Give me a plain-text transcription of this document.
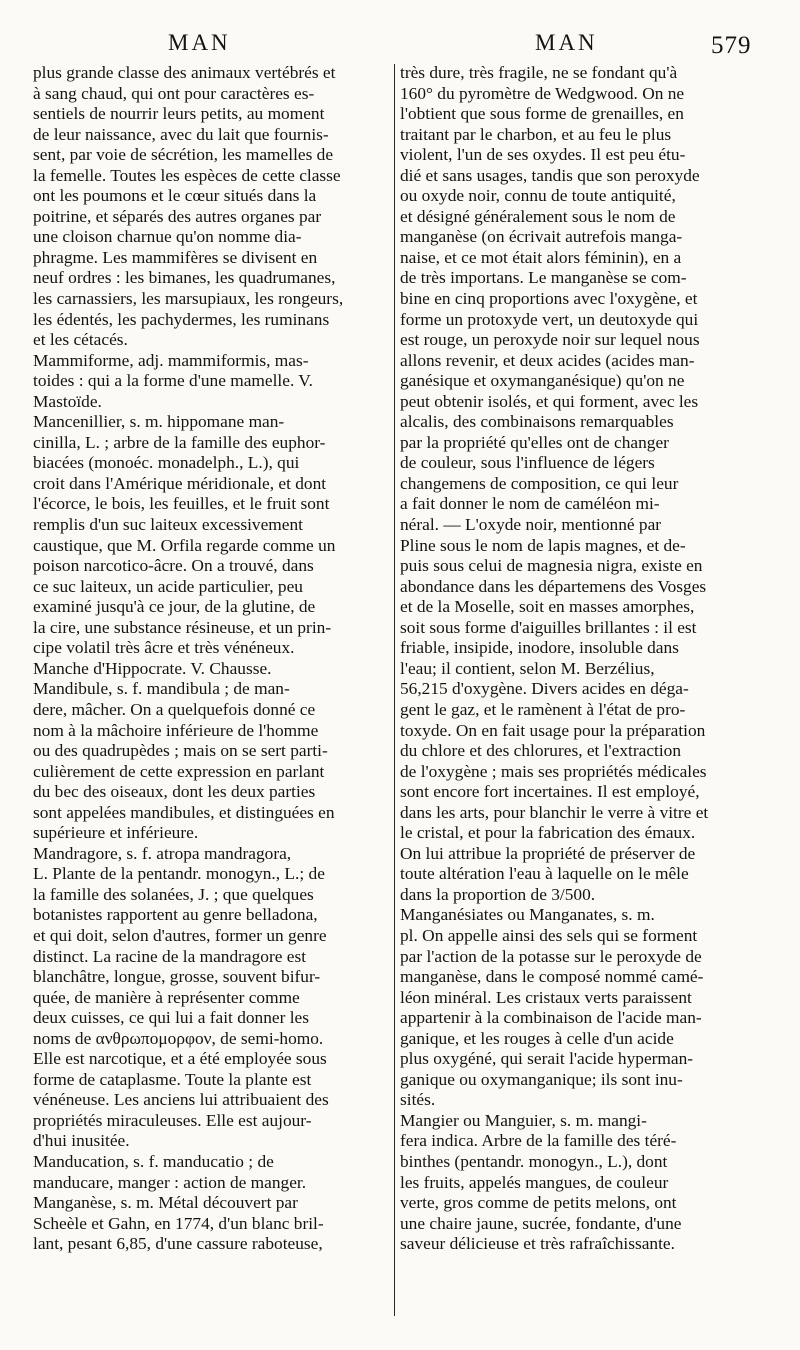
MAN	MAN	579
plus grande classe des animaux vertébrés et
à sang chaud, qui ont pour caractères es-
sentiels de nourrir leurs petits, au moment
de leur naissance, avec du lait que fournis-
sent, par voie de sécrétion, les mamelles de
la femelle. Toutes les espèces de cette classe
ont les poumons et le cœur situés dans la
poitrine, et séparés des autres organes par
une cloison charnue qu'on nomme dia-
phragme. Les mammifères se divisent en
neuf ordres : les bimanes, les quadrumanes,
les carnassiers, les marsupiaux, les rongeurs,
les édentés, les pachydermes, les ruminans
et les cétacés.
Mammiforme, adj. mammiformis, mas-
toides : qui a la forme d'une mamelle. V.
Mastoïde.
Mancenillier, s. m. hippomane man-
cinilla, L. ; arbre de la famille des euphor-
biacées (monoéc. monadelph., L.), qui
croit dans l'Amérique méridionale, et dont
l'écorce, le bois, les feuilles, et le fruit sont
remplis d'un suc laiteux excessivement
caustique, que M. Orfila regarde comme un
poison narcotico-âcre. On a trouvé, dans
ce suc laiteux, un acide particulier, peu
examiné jusqu'à ce jour, de la glutine, de
la cire, une substance résineuse, et un prin-
cipe volatil très âcre et très vénéneux.
Manche d'Hippocrate. V. Chausse.
Mandibule, s. f. mandibula ; de man-
dere, mâcher. On a quelquefois donné ce
nom à la mâchoire inférieure de l'homme
ou des quadrupèdes ; mais on se sert parti-
culièrement de cette expression en parlant
du bec des oiseaux, dont les deux parties
sont appelées mandibules, et distinguées en
supérieure et inférieure.
Mandragore, s. f. atropa mandragora,
L. Plante de la pentandr. monogyn., L.; de
la famille des solanées, J. ; que quelques
botanistes rapportent au genre belladona,
et qui doit, selon d'autres, former un genre
distinct. La racine de la mandragore est
blanchâtre, longue, grosse, souvent bifur-
quée, de manière à représenter comme
deux cuisses, ce qui lui a fait donner les
noms de ανθρωπομορφον, de semi-homo.
Elle est narcotique, et a été employée sous
forme de cataplasme. Toute la plante est
vénéneuse. Les anciens lui attribuaient des
propriétés miraculeuses. Elle est aujour-
d'hui inusitée.
Manducation, s. f. manducatio ; de
manducare, manger : action de manger.
Manganèse, s. m. Métal découvert par
Scheèle et Gahn, en 1774, d'un blanc bril-
lant, pesant 6,85, d'une cassure raboteuse,
très dure, très fragile, ne se fondant qu'à
160° du pyromètre de Wedgwood. On ne
l'obtient que sous forme de grenailles, en
traitant par le charbon, et au feu le plus
violent, l'un de ses oxydes. Il est peu étu-
dié et sans usages, tandis que son peroxyde
ou oxyde noir, connu de toute antiquité,
et désigné généralement sous le nom de
manganèse (on écrivait autrefois manga-
naise, et ce mot était alors féminin), en a
de très importans. Le manganèse se com-
bine en cinq proportions avec l'oxygène, et
forme un protoxyde vert, un deutoxyde qui
est rouge, un peroxyde noir sur lequel nous
allons revenir, et deux acides (acides man-
ganésique et oxymanganésique) qu'on ne
peut obtenir isolés, et qui forment, avec les
alcalis, des combinaisons remarquables
par la propriété qu'elles ont de changer
de couleur, sous l'influence de légers
changemens de composition, ce qui leur
a fait donner le nom de caméléon mi-
néral. — L'oxyde noir, mentionné par
Pline sous le nom de lapis magnes, et de-
puis sous celui de magnesia nigra, existe en
abondance dans les départemens des Vosges
et de la Moselle, soit en masses amorphes,
soit sous forme d'aiguilles brillantes : il est
friable, insipide, inodore, insoluble dans
l'eau; il contient, selon M. Berzélius,
56,215 d'oxygène. Divers acides en déga-
gent le gaz, et le ramènent à l'état de pro-
toxyde. On en fait usage pour la préparation
du chlore et des chlorures, et l'extraction
de l'oxygène ; mais ses propriétés médicales
sont encore fort incertaines. Il est employé,
dans les arts, pour blanchir le verre à vitre et
le cristal, et pour la fabrication des émaux.
On lui attribue la propriété de préserver de
toute altération l'eau à laquelle on le mêle
dans la proportion de 3/500.
Manganésiates ou Manganates, s. m.
pl. On appelle ainsi des sels qui se forment
par l'action de la potasse sur le peroxyde de
manganèse, dans le composé nommé camé-
léon minéral. Les cristaux verts paraissent
appartenir à la combinaison de l'acide man-
ganique, et les rouges à celle d'un acide
plus oxygéné, qui serait l'acide hyperman-
ganique ou oxymanganique; ils sont inu-
sités.
Mangier ou Manguier, s. m. mangi-
fera indica. Arbre de la famille des téré-
binthes (pentandr. monogyn., L.), dont
les fruits, appelés mangues, de couleur
verte, gros comme de petits melons, ont
une chaire jaune, sucrée, fondante, d'une
saveur délicieuse et très rafraîchissante.
